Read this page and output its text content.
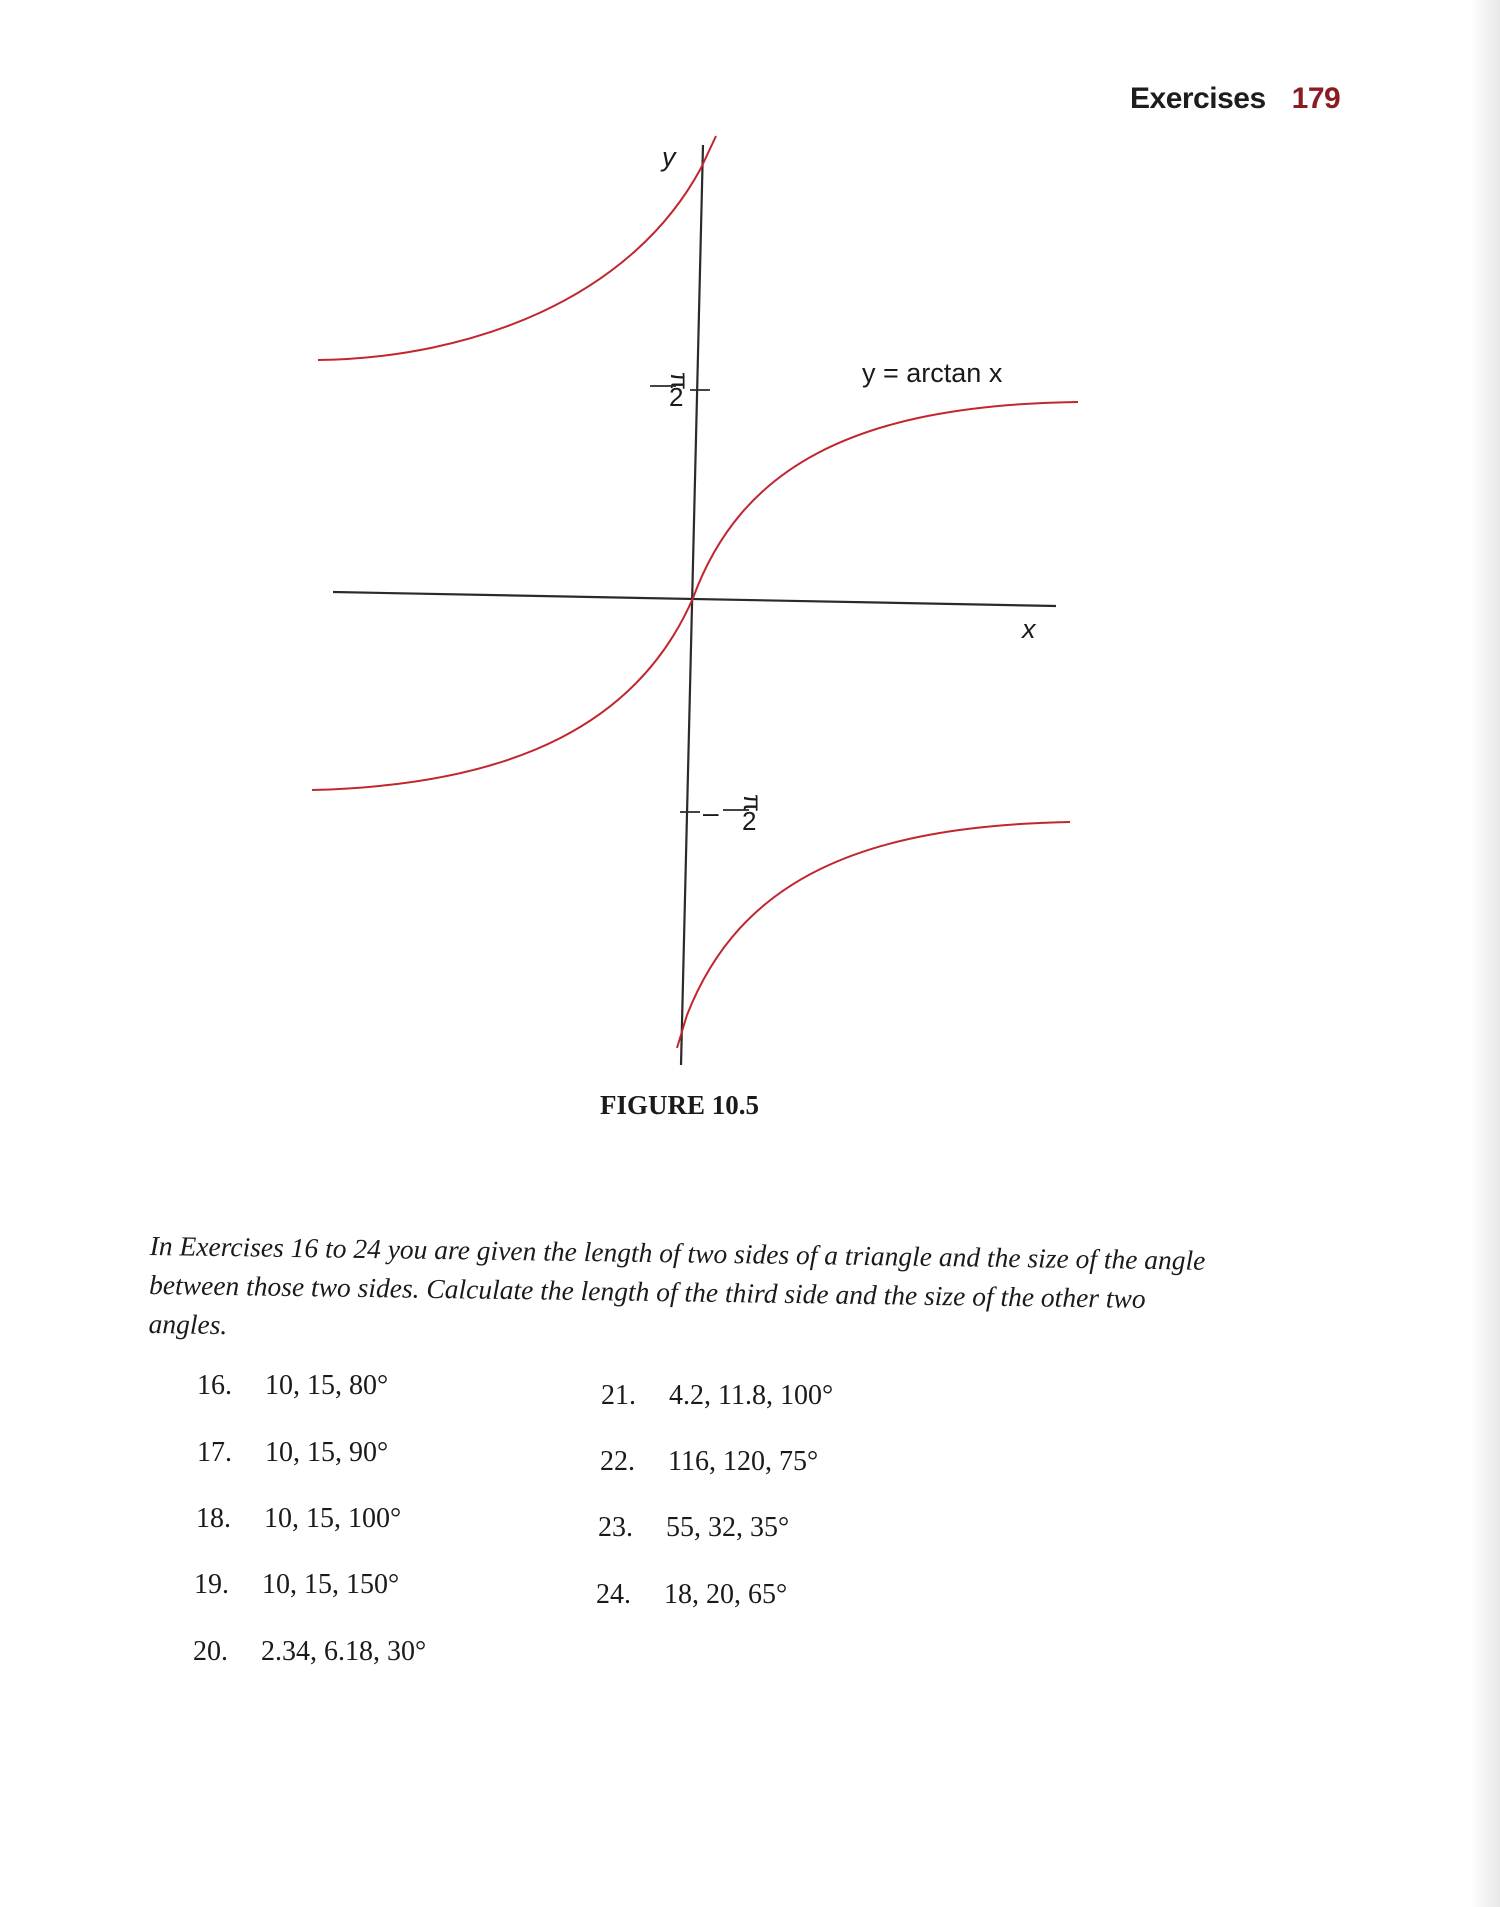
Exercises 179
y
x
π
2
π
2
–
y = arctan x
FIGURE 10.5
In Exercises 16 to 24 you are given the length of two sides of a triangle and the size of the angle between those two sides. Calculate the length of the third side and the size of the other two angles.
16. 10, 15, 80°
17. 10, 15, 90°
18. 10, 15, 100°
19. 10, 15, 150°
20. 2.34, 6.18, 30°
21. 4.2, 11.8, 100°
22. 116, 120, 75°
23. 55, 32, 35°
24. 18, 20, 65°
